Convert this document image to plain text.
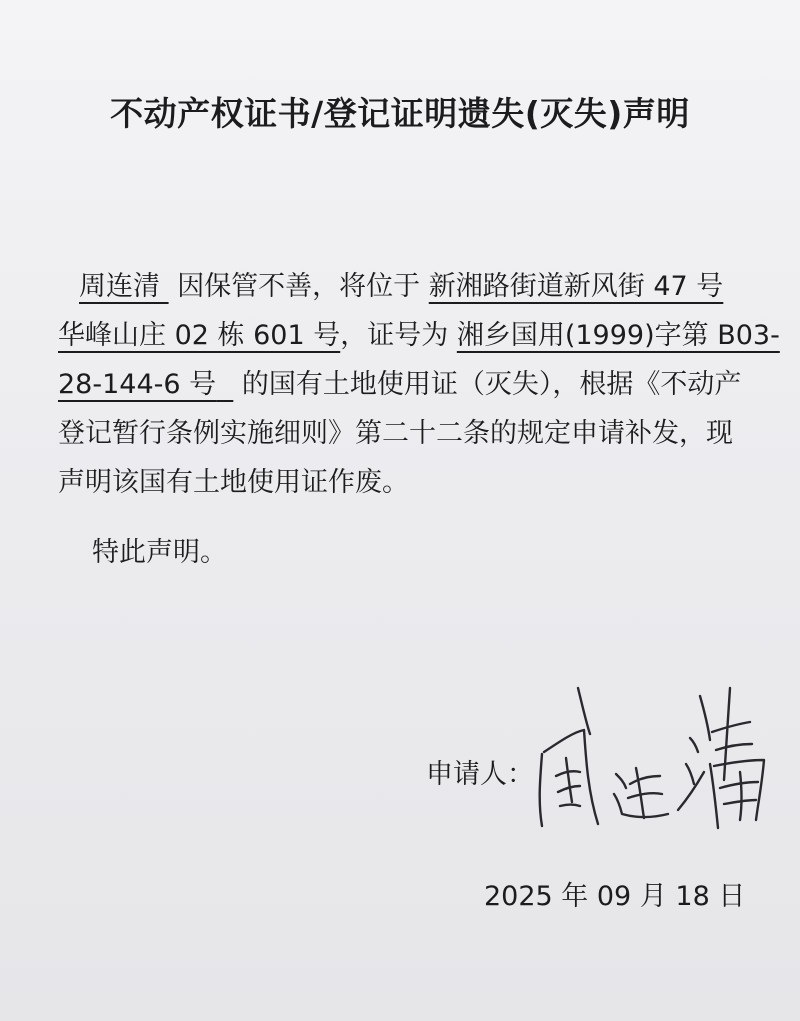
不动产权证书/登记证明遗失(灭失)声明
周连清 因保管不善，将位于 新湘路街道新风街 47 号
华峰山庄 02 栋 601 号，证号为 湘乡国用(1999)字第 B03-
28-144-6 号 的国有土地使用证（灭失），根据《不动产
登记暂行条例实施细则》第二十二条的规定申请补发，现
声明该国有土地使用证作废。
特此声明。
申请人：
2025 年 09 月 18 日
